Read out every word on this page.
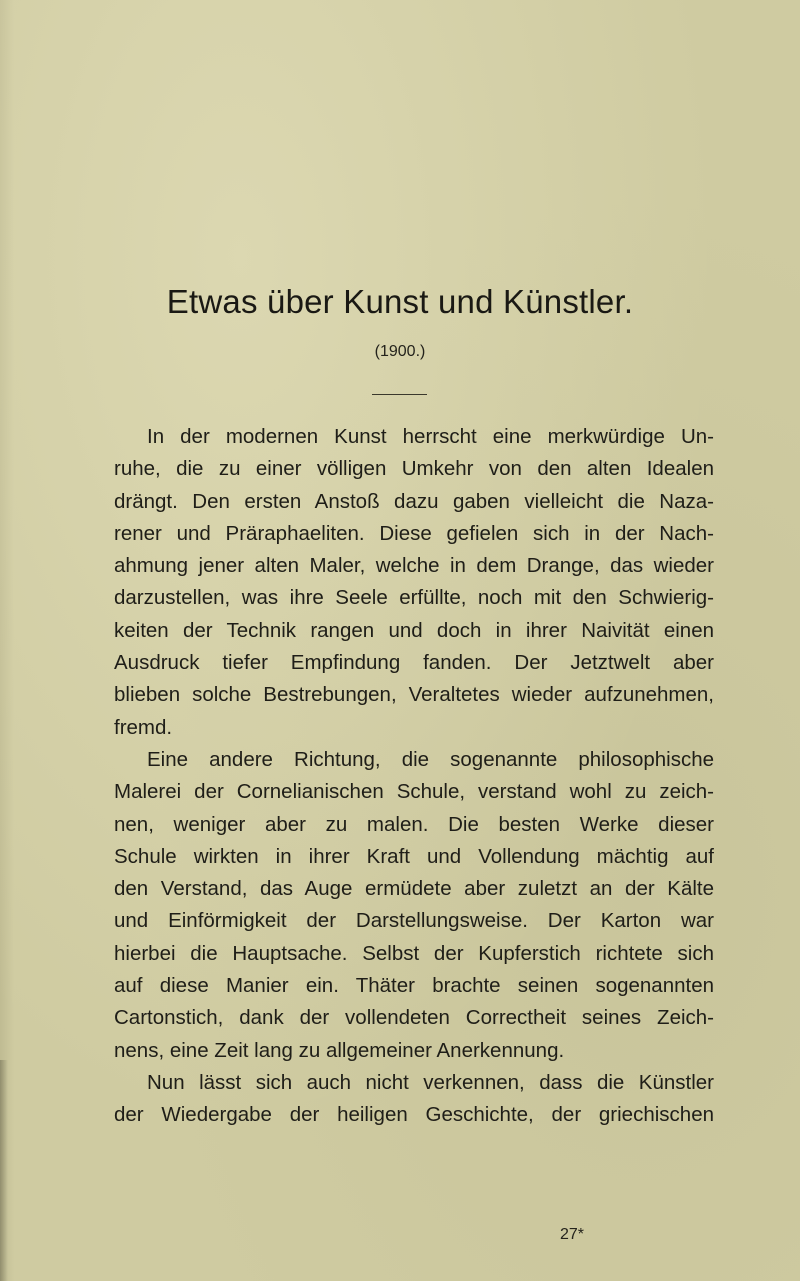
Etwas über Kunst und Künstler.
(1900.)
In der modernen Kunst herrscht eine merkwürdige Un-
ruhe, die zu einer völligen Umkehr von den alten Idealen
drängt. Den ersten Anstoß dazu gaben vielleicht die Naza-
rener und Präraphaeliten. Diese gefielen sich in der Nach-
ahmung jener alten Maler, welche in dem Drange, das wieder
darzustellen, was ihre Seele erfüllte, noch mit den Schwierig-
keiten der Technik rangen und doch in ihrer Naivität einen
Ausdruck tiefer Empfindung fanden. Der Jetztwelt aber
blieben solche Bestrebungen, Veraltetes wieder aufzunehmen,
fremd.
Eine andere Richtung, die sogenannte philosophische
Malerei der Cornelianischen Schule, verstand wohl zu zeich-
nen, weniger aber zu malen. Die besten Werke dieser
Schule wirkten in ihrer Kraft und Vollendung mächtig auf
den Verstand, das Auge ermüdete aber zuletzt an der Kälte
und Einförmigkeit der Darstellungsweise. Der Karton war
hierbei die Hauptsache. Selbst der Kupferstich richtete sich
auf diese Manier ein. Thäter brachte seinen sogenannten
Cartonstich, dank der vollendeten Correctheit seines Zeich-
nens, eine Zeit lang zu allgemeiner Anerkennung.
Nun lässt sich auch nicht verkennen, dass die Künstler
der Wiedergabe der heiligen Geschichte, der griechischen
27*
